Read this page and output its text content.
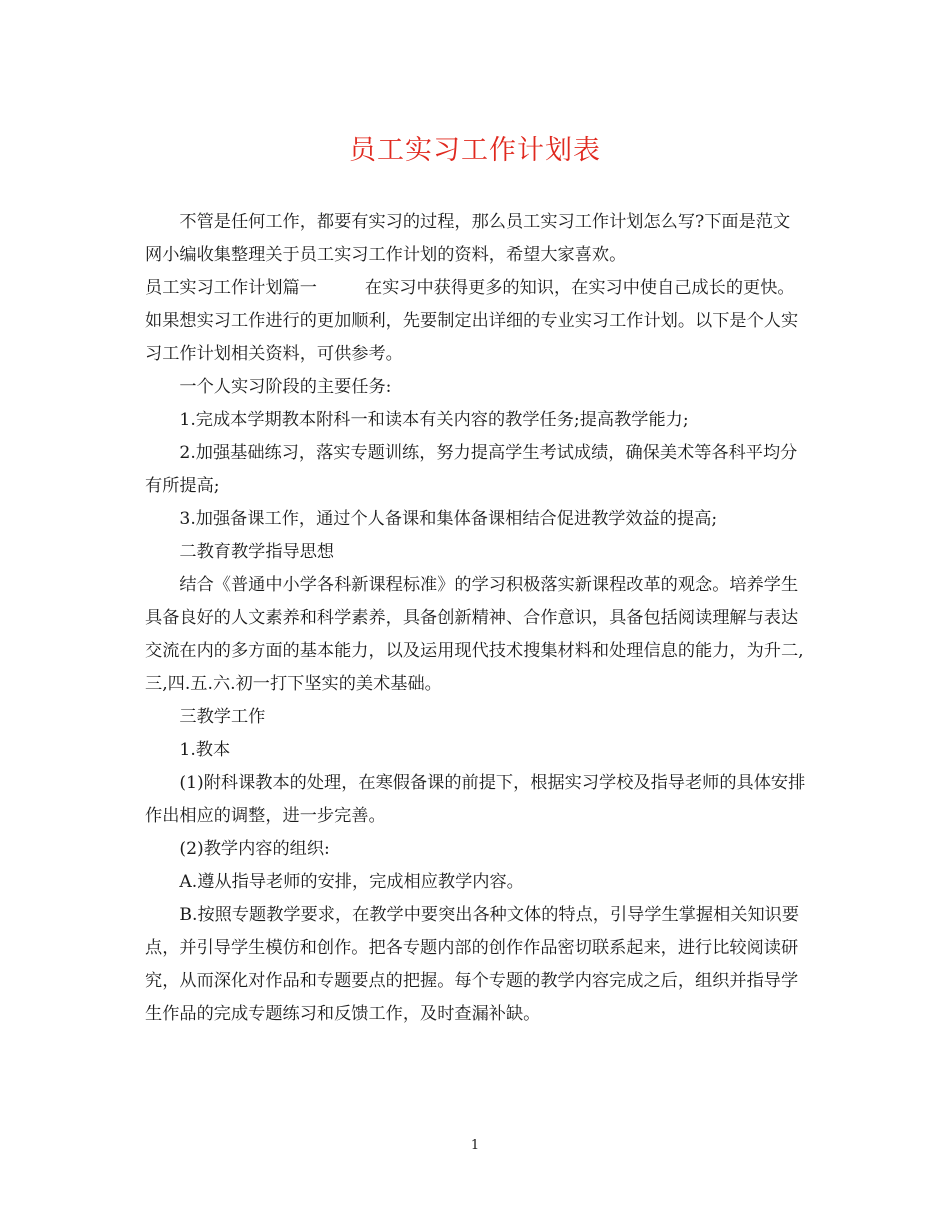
员工实习工作计划表

不管是任何工作，都要有实习的过程，那么员工实习工作计划怎么写?下面是范文网小编收集整理关于员工实习工作计划的资料，希望大家喜欢。

员工实习工作计划篇一	在实习中获得更多的知识，在实习中使自己成长的更快。如果想实习工作进行的更加顺利，先要制定出详细的专业实习工作计划。以下是个人实习工作计划相关资料，可供参考。

一个人实习阶段的主要任务:

1.完成本学期教本附科一和读本有关内容的教学任务;提高教学能力;

2.加强基础练习，落实专题训练，努力提高学生考试成绩，确保美术等各科平均分有所提高;

3.加强备课工作，通过个人备课和集体备课相结合促进教学效益的提高;

二教育教学指导思想

结合《普通中小学各科新课程标准》的学习积极落实新课程改革的观念。培养学生具备良好的人文素养和科学素养，具备创新精神、合作意识，具备包括阅读理解与表达交流在内的多方面的基本能力，以及运用现代技术搜集材料和处理信息的能力，为升二,三,四.五.六.初一打下坚实的美术基础。

三教学工作

1.教本

(1)附科课教本的处理，在寒假备课的前提下，根据实习学校及指导老师的具体安排作出相应的调整，进一步完善。

(2)教学内容的组织:

A.遵从指导老师的安排，完成相应教学内容。

B.按照专题教学要求，在教学中要突出各种文体的特点，引导学生掌握相关知识要点，并引导学生模仿和创作。把各专题内部的创作作品密切联系起来，进行比较阅读研究，从而深化对作品和专题要点的把握。每个专题的教学内容完成之后，组织并指导学生作品的完成专题练习和反馈工作，及时查漏补缺。

1
